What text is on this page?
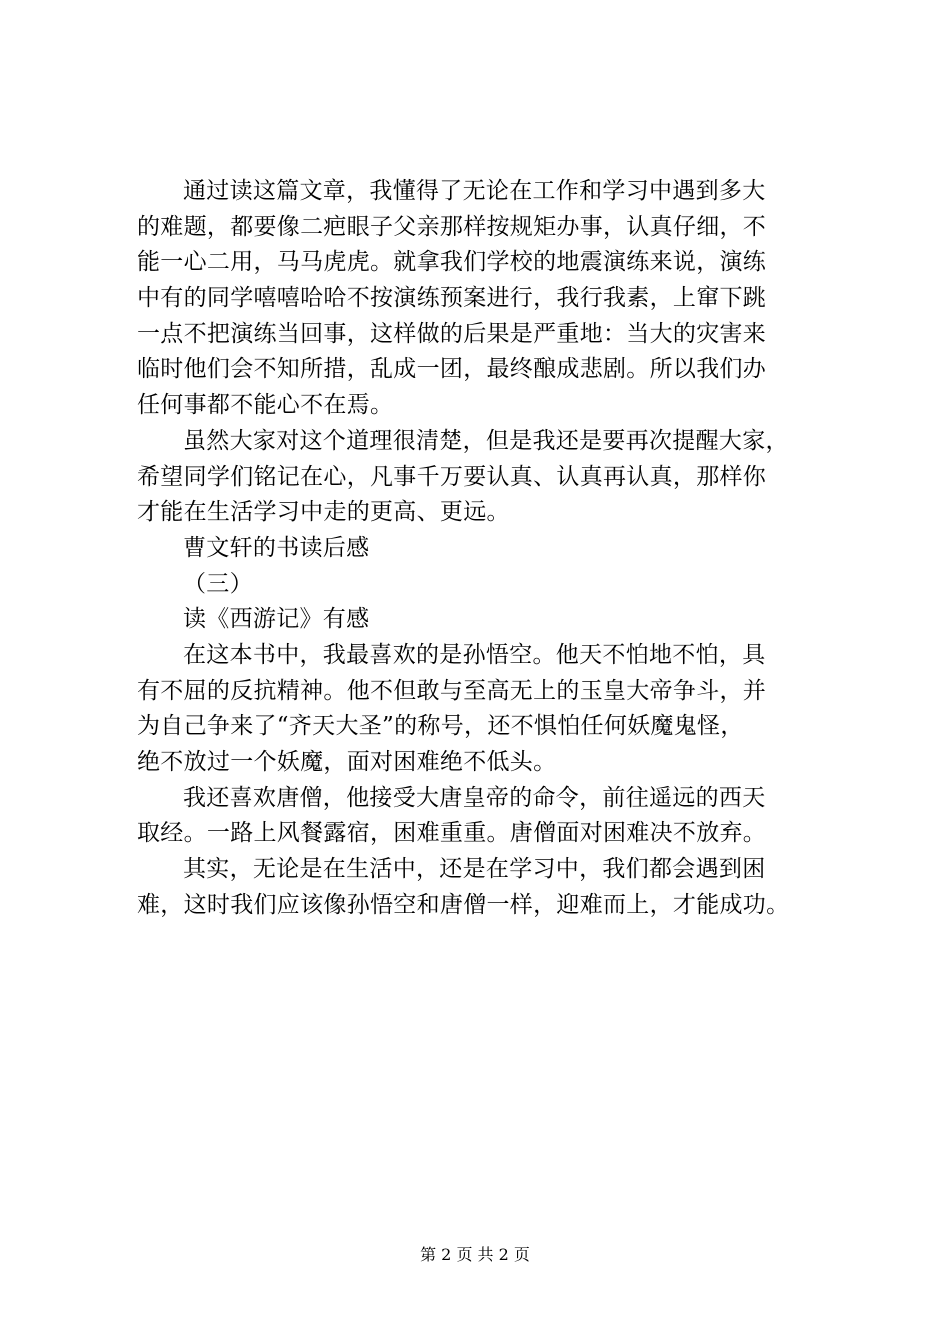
通过读这篇文章，我懂得了无论在工作和学习中遇到多大
的难题，都要像二疤眼子父亲那样按规矩办事，认真仔细，不
能一心二用，马马虎虎。就拿我们学校的地震演练来说，演练
中有的同学嘻嘻哈哈不按演练预案进行，我行我素，上窜下跳
一点不把演练当回事，这样做的后果是严重地：当大的灾害来
临时他们会不知所措，乱成一团，最终酿成悲剧。所以我们办
任何事都不能心不在焉。
虽然大家对这个道理很清楚，但是我还是要再次提醒大家，
希望同学们铭记在心，凡事千万要认真、认真再认真，那样你
才能在生活学习中走的更高、更远。
曹文轩的书读后感
（三）
读《西游记》有感
在这本书中，我最喜欢的是孙悟空。他天不怕地不怕，具
有不屈的反抗精神。他不但敢与至高无上的玉皇大帝争斗，并
为自己争来了“齐天大圣”的称号，还不惧怕任何妖魔鬼怪，
绝不放过一个妖魔，面对困难绝不低头。
我还喜欢唐僧，他接受大唐皇帝的命令，前往遥远的西天
取经。一路上风餐露宿，困难重重。唐僧面对困难决不放弃。
其实，无论是在生活中，还是在学习中，我们都会遇到困
难，这时我们应该像孙悟空和唐僧一样，迎难而上，才能成功。
第 2 页 共 2 页
